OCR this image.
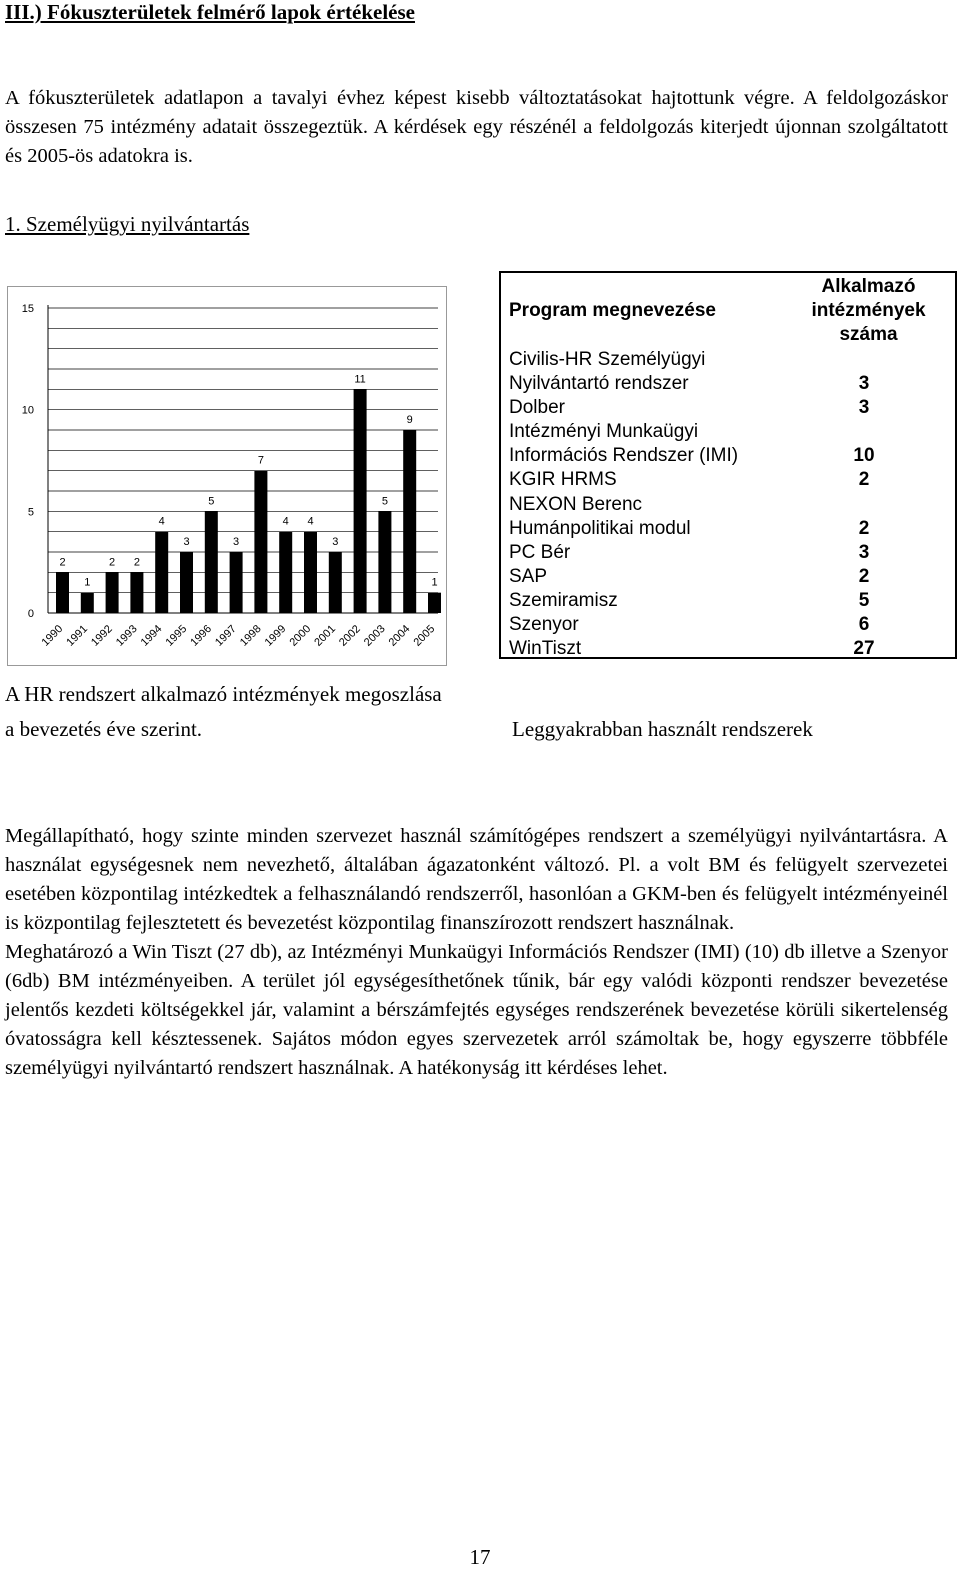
III.) Fókuszterületek felmérő lapok értékelése

A fókuszterületek adatlapon a tavalyi évhez képest kisebb változtatásokat hajtottunk végre. A feldolgozáskor összesen 75 intézmény adatait összegeztük. A kérdések egy részénél a feldolgozás kiterjedt újonnan szolgáltatott és 2005-ös adatokra is.

1. Személyügyi nyilvántartás
0
5
10
15
2
1990
1
1991
2
1992
2
1993
4
1994
3
1995
5
1996
3
1997
7
1998
4
1999
4
2000
3
2001
11
2002
5
2003
9
2004
1
2005
Program megnevezése
Alkalmazó
intézmények
száma
Civilis-HR Személyügyi
Nyilvántartó rendszer	3
Dolber	3
Intézményi Munkaügyi
Információs Rendszer (IMI)	10
KGIR HRMS	2
NEXON Berenc
Humánpolitikai modul	2
PC Bér	3
SAP	2
Szemiramisz	5
Szenyor	6
WinTiszt	27
A HR rendszert alkalmazó intézmények megoszlása
a bevezetés éve szerint.	Leggyakrabban használt rendszerek

Megállapítható, hogy szinte minden szervezet használ számítógépes rendszert a személyügyi nyilvántartásra. A használat egységesnek nem nevezhető, általában ágazatonként változó. Pl. a volt BM és felügyelt szervezetei esetében központilag intézkedtek a felhasználandó rendszerről, hasonlóan a GKM-ben és felügyelt intézményeinél is központilag fejlesztetett és bevezetést központilag finanszírozott rendszert használnak.

Meghatározó a Win Tiszt (27 db), az Intézményi Munkaügyi Információs Rendszer (IMI) (10) db illetve a Szenyor (6db) BM intézményeiben. A terület jól egységesíthetőnek tűnik, bár egy valódi központi rendszer bevezetése jelentős kezdeti költségekkel jár, valamint a bérszámfejtés egységes rendszerének bevezetése körüli sikertelenség óvatosságra kell késztessenek. Sajátos módon egyes szervezetek arról számoltak be, hogy egyszerre többféle személyügyi nyilvántartó rendszert használnak. A hatékonyság itt kérdéses lehet.

17
